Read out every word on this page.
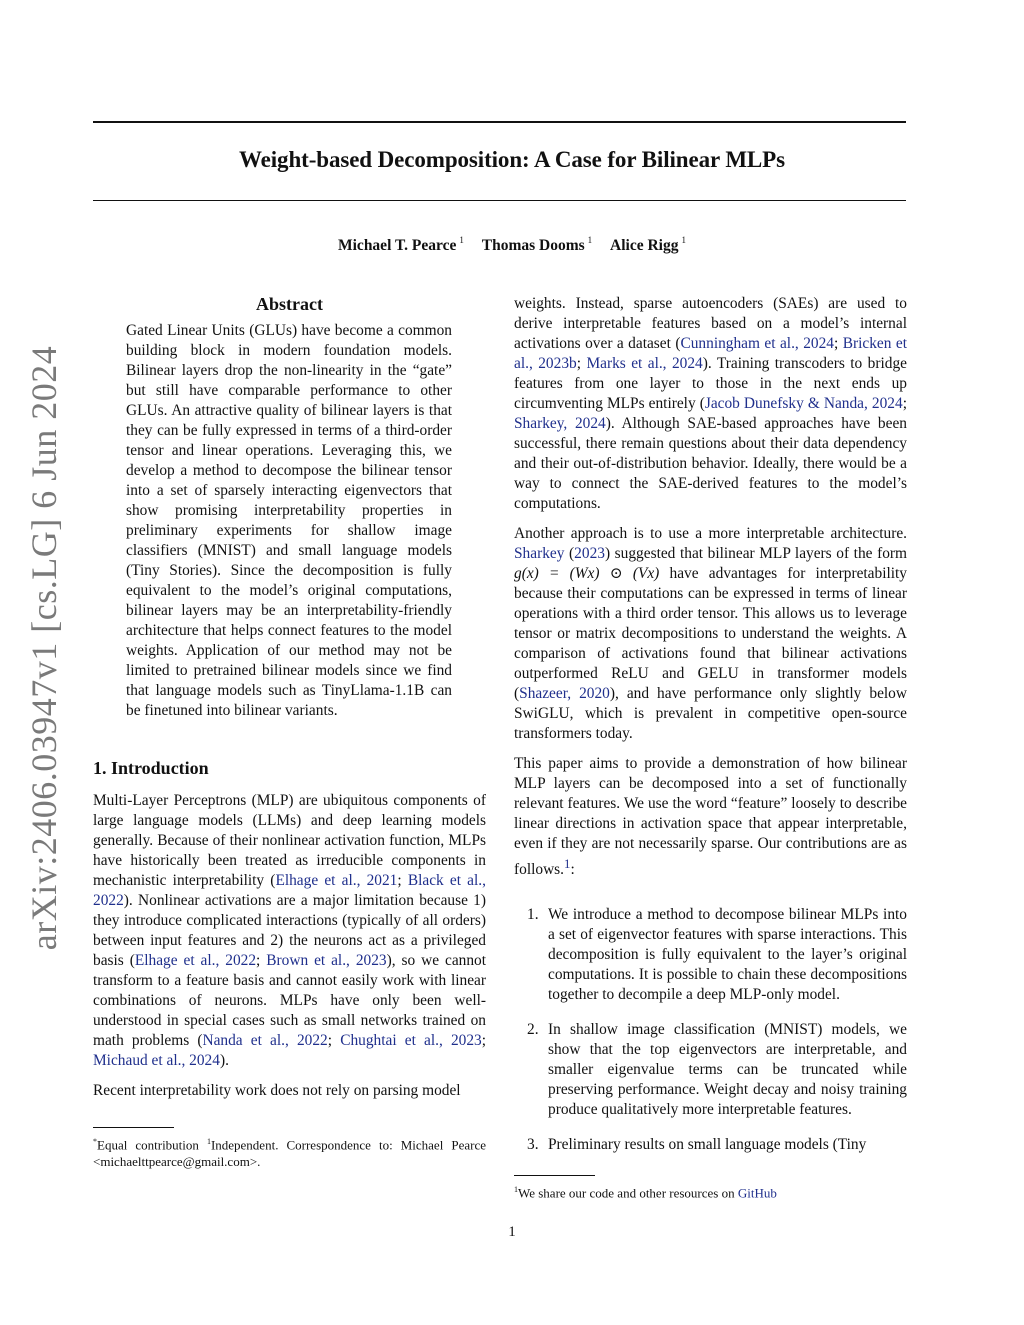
Weight-based Decomposition: A Case for Bilinear MLPs
Michael T. Pearce $^1$ Thomas Dooms $^1$ Alice Rigg $^1$
arXiv:2406.03947v1 [cs.LG] 6 Jun 2024
Abstract

Gated Linear Units (GLUs) have become a common building block in modern foundation models. Bilinear layers drop the non-linearity in the “gate” but still have comparable performance to other GLUs. An attractive quality of bilinear layers is that they can be fully expressed in terms of a third-order tensor and linear operations. Leveraging this, we develop a method to decompose the bilinear tensor into a set of sparsely interacting eigenvectors that show promising interpretability properties in preliminary experiments for shallow image classifiers (MNIST) and small language models (Tiny Stories). Since the decomposition is fully equivalent to the model’s original computations, bilinear layers may be an interpretability-friendly architecture that helps connect features to the model weights. Application of our method may not be limited to pretrained bilinear models since we find that language models such as TinyLlama-1.1B can be finetuned into bilinear variants.

1. Introduction

Multi-Layer Perceptrons (MLP) are ubiquitous components of large language models (LLMs) and deep learning models generally. Because of their nonlinear activation function, MLPs have historically been treated as irreducible components in mechanistic interpretability (Elhage et al., 2021; Black et al., 2022). Nonlinear activations are a major limitation because 1) they introduce complicated interactions (typically of all orders) between input features and 2) the neurons act as a privileged basis (Elhage et al., 2022; Brown et al., 2023), so we cannot transform to a feature basis and cannot easily work with linear combinations of neurons. MLPs have only been well-understood in special cases such as small networks trained on math problems (Nanda et al., 2022; Chughtai et al., 2023; Michaud et al., 2024).

Recent interpretability work does not rely on parsing model

*Equal contribution $^1$Independent. Correspondence to: Michael Pearce <michaelttpearce@gmail.com>.

weights. Instead, sparse autoencoders (SAEs) are used to derive interpretable features based on a model’s internal activations over a dataset (Cunningham et al., 2024; Bricken et al., 2023b; Marks et al., 2024). Training transcoders to bridge features from one layer to those in the next ends up circumventing MLPs entirely (Jacob Dunefsky & Nanda, 2024; Sharkey, 2024). Although SAE-based approaches have been successful, there remain questions about their data dependency and their out-of-distribution behavior. Ideally, there would be a way to connect the SAE-derived features to the model’s computations.

Another approach is to use a more interpretable architecture. Sharkey (2023) suggested that bilinear MLP layers of the form g(x) = (Wx) ⊙ (Vx) have advantages for interpretability because their computations can be expressed in terms of linear operations with a third order tensor. This allows us to leverage tensor or matrix decompositions to understand the weights. A comparison of activations found that bilinear activations outperformed ReLU and GELU in transformer models (Shazeer, 2020), and have performance only slightly below SwiGLU, which is prevalent in competitive open-source transformers today.

This paper aims to provide a demonstration of how bilinear MLP layers can be decomposed into a set of functionally relevant features. We use the word “feature” loosely to describe linear directions in activation space that appear interpretable, even if they are not necessarily sparse. Our contributions are as follows.$^1$:

1. We introduce a method to decompose bilinear MLPs into a set of eigenvector features with sparse interactions. This decomposition is fully equivalent to the layer’s original computations. It is possible to chain these decompositions together to decompile a deep MLP-only model.
2. In shallow image classification (MNIST) models, we show that the top eigenvectors are interpretable, and smaller eigenvalue terms can be truncated while preserving performance. Weight decay and noisy training produce qualitatively more interpretable features.
3. Preliminary results on small language models (Tiny
$^1$We share our code and other resources on GitHub
1
